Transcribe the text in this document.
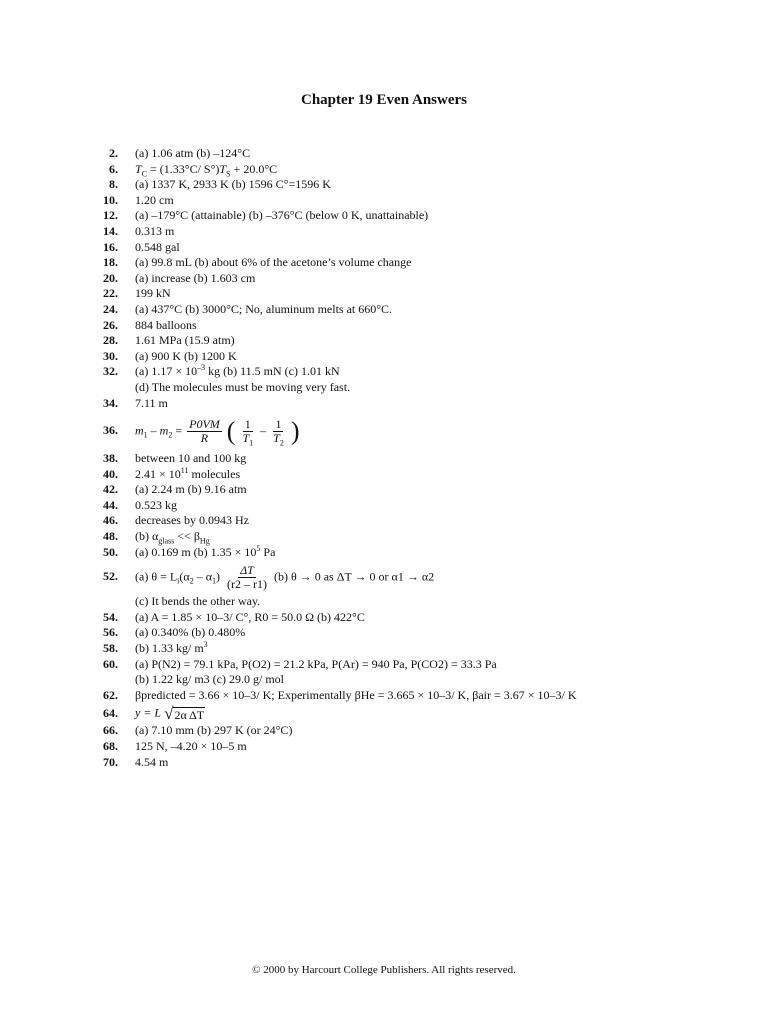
Chapter 19 Even Answers
2. (a) 1.06 atm (b) –124°C
6. $T_C = (1.33^\circ C/$ $S^\circ)T_S + 20.0^\circ C$
8. (a) 1337 K, 2933 K (b) 1596 C°=1596 K
10. 1.20 cm
12. (a) –179°C (attainable) (b) –376°C (below 0 K, unattainable)
14. 0.313 m
16. 0.548 gal
18. (a) 99.8 mL (b) about 6% of the acetone’s volume change
20. (a) increase (b) 1.603 cm
22. 199 kN
24. (a) 437°C (b) 3000°C; No, aluminum melts at 660°C.
26. 884 balloons
28. 1.61 MPa (15.9 atm)
30. (a) 900 K (b) 1200 K
32. (a) $1.17 \times 10^{-3}$ kg (b) 11.5 mN (c) 1.01 kN
(d) The molecules must be moving very fast.
34. 7.11 m
36. $m_1 - m_2 = \frac{P0VM}{R}$ ( $\frac{1}{T_1} - \frac{1}{T_2}$ )
38. between 10 and 100 kg
40. $2.41 \times 10^{11}$ molecules
42. (a) 2.24 m (b) 9.16 atm
44. 0.523 kg
46. decreases by 0.0943 Hz
48. (b) $\alpha_{glass} << \beta_{Hg}$
50. (a) 0.169 m (b) $1.35 \times 10^5$ Pa
52. (a) $\theta = L_i(\alpha_2 - \alpha_1) \frac{\Delta T}{(r2 - r1)} (b) \theta \to 0$ as ΔT → 0 or α1 → α2
(c) It bends the other way.
54. (a) A = 1.85 × 10–3/ C°, R0 = 50.0 Ω (b) 422°C
56. (a) 0.340% (b) 0.480%
58. (b) 1.33 kg/ $m^3$
60. (a) P(N2) = 79.1 kPa, P(O2) = 21.2 kPa, P(Ar) = 940 Pa, P(CO2) = 33.3 Pa
(b) 1.22 kg/ m3 (c) 29.0 g/ mol
62. βpredicted = 3.66 × 10–3/ K; Experimentally βHe = 3.665 × 10–3/ K, βair = 3.67 × 10–3/ K
64. y = L √ 2α ΔT
66. (a) 7.10 mm (b) 297 K (or 24°C)
68. 125 N, –4.20 × 10–5 m
70. 4.54 m
© 2000 by Harcourt College Publishers. All rights reserved.
